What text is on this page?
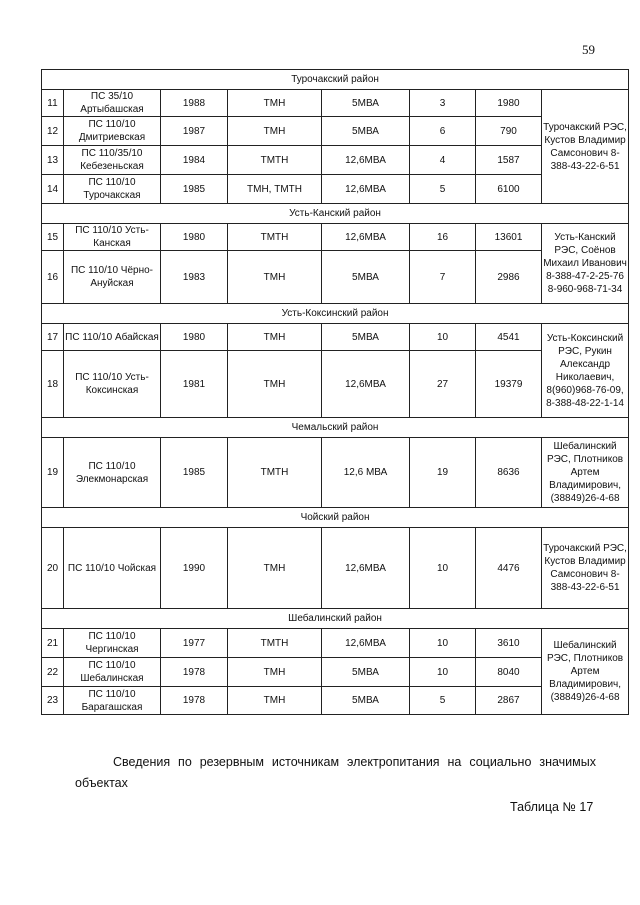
59
Турочакский район							
11	ПС 35/10 Артыбашская	1988	ТМН	5МВА	3	1980	Турочакский РЭС, Кустов Владимир Самсонович 8-388-43-22-6-51
12	ПС 110/10 Дмитриевская	1987	ТМН	5МВА	6	790	
13	ПС 110/35/10 Кебезеньская	1984	ТМТН	12,6МВА	4	1587	
14	ПС 110/10 Турочакская	1985	ТМН, ТМТН	12,6МВА	5	6100	
Усть-Канский район							
15	ПС 110/10 Усть-Канская	1980	ТМТН	12,6МВА	16	13601	Усть-Канский РЭС, Соёнов Михаил Иванович 8-388-47-2-25-76 8-960-968-71-34
16	ПС 110/10 Чёрно-Ануйская	1983	ТМН	5МВА	7	2986	
Усть-Коксинский район							
17	ПС 110/10 Абайская	1980	ТМН	5МВА	10	4541	Усть-Коксинский РЭС, Рукин Александр Николаевич, 8(960)968-76-09, 8-388-48-22-1-14
18	ПС 110/10 Усть-Коксинская	1981	ТМН	12,6МВА	27	19379	
Чемальский район							
19	ПС 110/10 Элекмонарская	1985	ТМТН	12,6 МВА	19	8636	Шебалинский РЭС, Плотников Артем Владимирович, (38849)26-4-68
Чойский район							
20	ПС 110/10 Чойская	1990	ТМН	12,6МВА	10	4476	Турочакский РЭС, Кустов Владимир Самсонович 8-388-43-22-6-51
Шебалинский район							
21	ПС 110/10 Чергинская	1977	ТМТН	12,6МВА	10	3610	Шебалинский РЭС, Плотников Артем Владимирович, (38849)26-4-68
22	ПС 110/10 Шебалинская	1978	ТМН	5МВА	10	8040	
23	ПС 110/10 Барагашская	1978	ТМН	5МВА	5	2867	
Сведения по резервным источникам электропитания на социально значимых объектах
Таблица № 17
